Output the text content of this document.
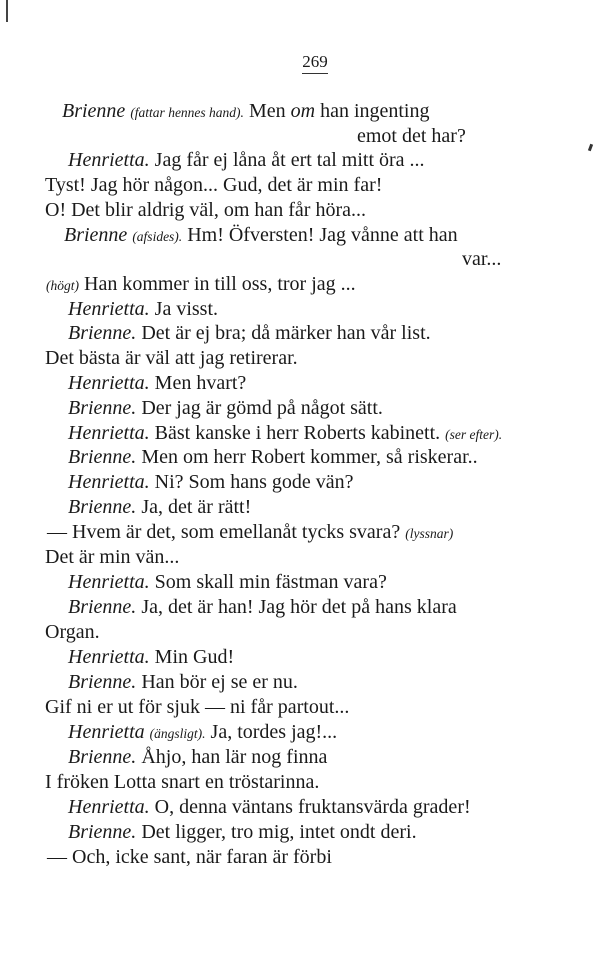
269
Brienne (fattar hennes hand). Men om han ingenting
emot det har?
Henrietta. Jag får ej låna åt ert tal mitt öra ...
Tyst! Jag hör någon... Gud, det är min far!
O! Det blir aldrig väl, om han får höra...
Brienne (afsides). Hm! Öfversten! Jag vånne att han
var...
(högt) Han kommer in till oss, tror jag ...
Henrietta. Ja visst.
Brienne. Det är ej bra; då märker han vår list.
Det bästa är väl att jag retirerar.
Henrietta. Men hvart?
Brienne. Der jag är gömd på något sätt.
Henrietta. Bäst kanske i herr Roberts kabinett. (ser efter).
Brienne. Men om herr Robert kommer, så riskerar..
Henrietta. Ni? Som hans gode vän?
Brienne. Ja, det är rätt!
— Hvem är det, som emellanåt tycks svara? (lyssnar)
Det är min vän...
Henrietta. Som skall min fästman vara?
Brienne. Ja, det är han! Jag hör det på hans klara
Organ.
Henrietta. Min Gud!
Brienne. Han bör ej se er nu.
Gif ni er ut för sjuk — ni får partout...
Henrietta (ängsligt). Ja, tordes jag!...
Brienne. Åhjo, han lär nog finna
I fröken Lotta snart en tröstarinna.
Henrietta. O, denna väntans fruktansvärda grader!
Brienne. Det ligger, tro mig, intet ondt deri.
— Och, icke sant, när faran är förbi
